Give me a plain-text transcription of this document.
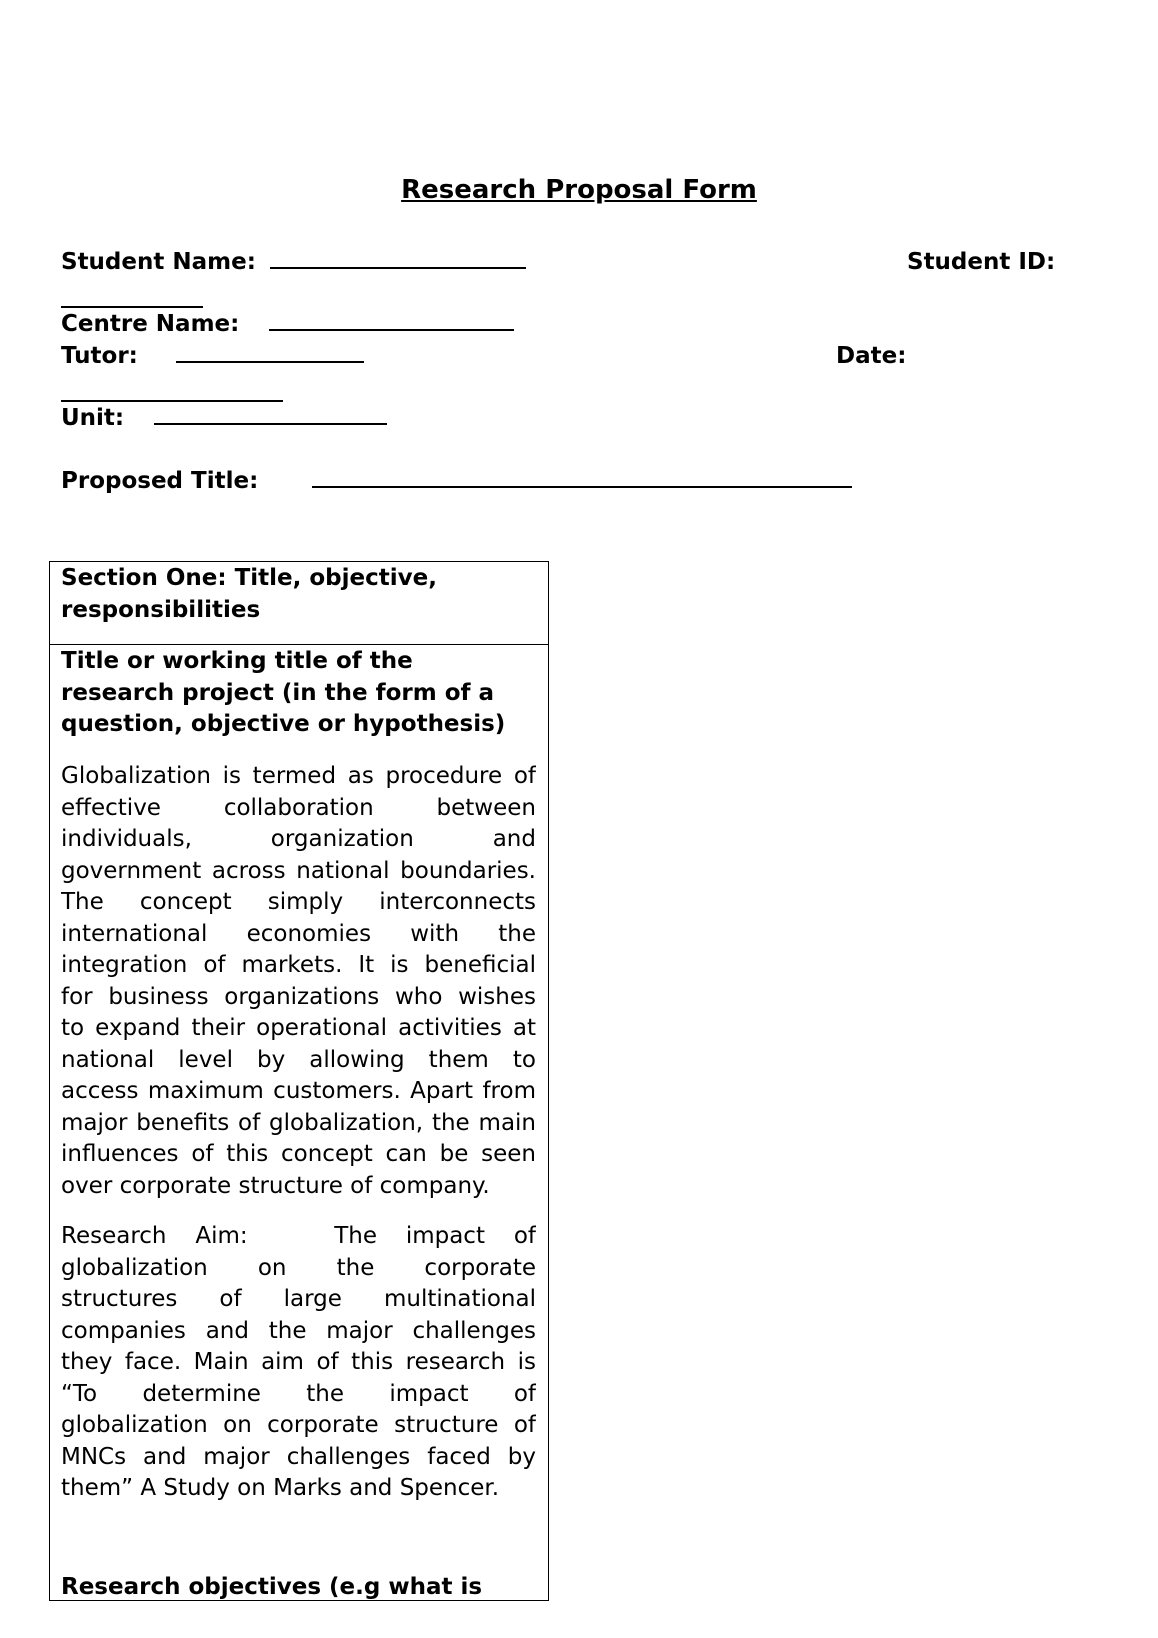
Research Proposal Form
Student Name:	Student ID:
Centre Name:
Tutor:	Date:
Unit:
Proposed Title:
Section One: Title, objective,
responsibilities
Title or working title of the
research project (in the form of a
question, objective or hypothesis)
Globalization is termed as procedure of
effective collaboration between
individuals, organization and
government across national boundaries.
The concept simply interconnects
international economies with the
integration of markets. It is beneficial
for business organizations who wishes
to expand their operational activities at
national level by allowing them to
access maximum customers. Apart from
major benefits of globalization, the main
influences of this concept can be seen
over corporate structure of company.
Research Aim:   The impact of
globalization on the corporate
structures of large multinational
companies and the major challenges
they face. Main aim of this research is
“To determine the impact of
globalization on corporate structure of
MNCs and major challenges faced by
them” A Study on Marks and Spencer.
Research objectives (e.g what is
